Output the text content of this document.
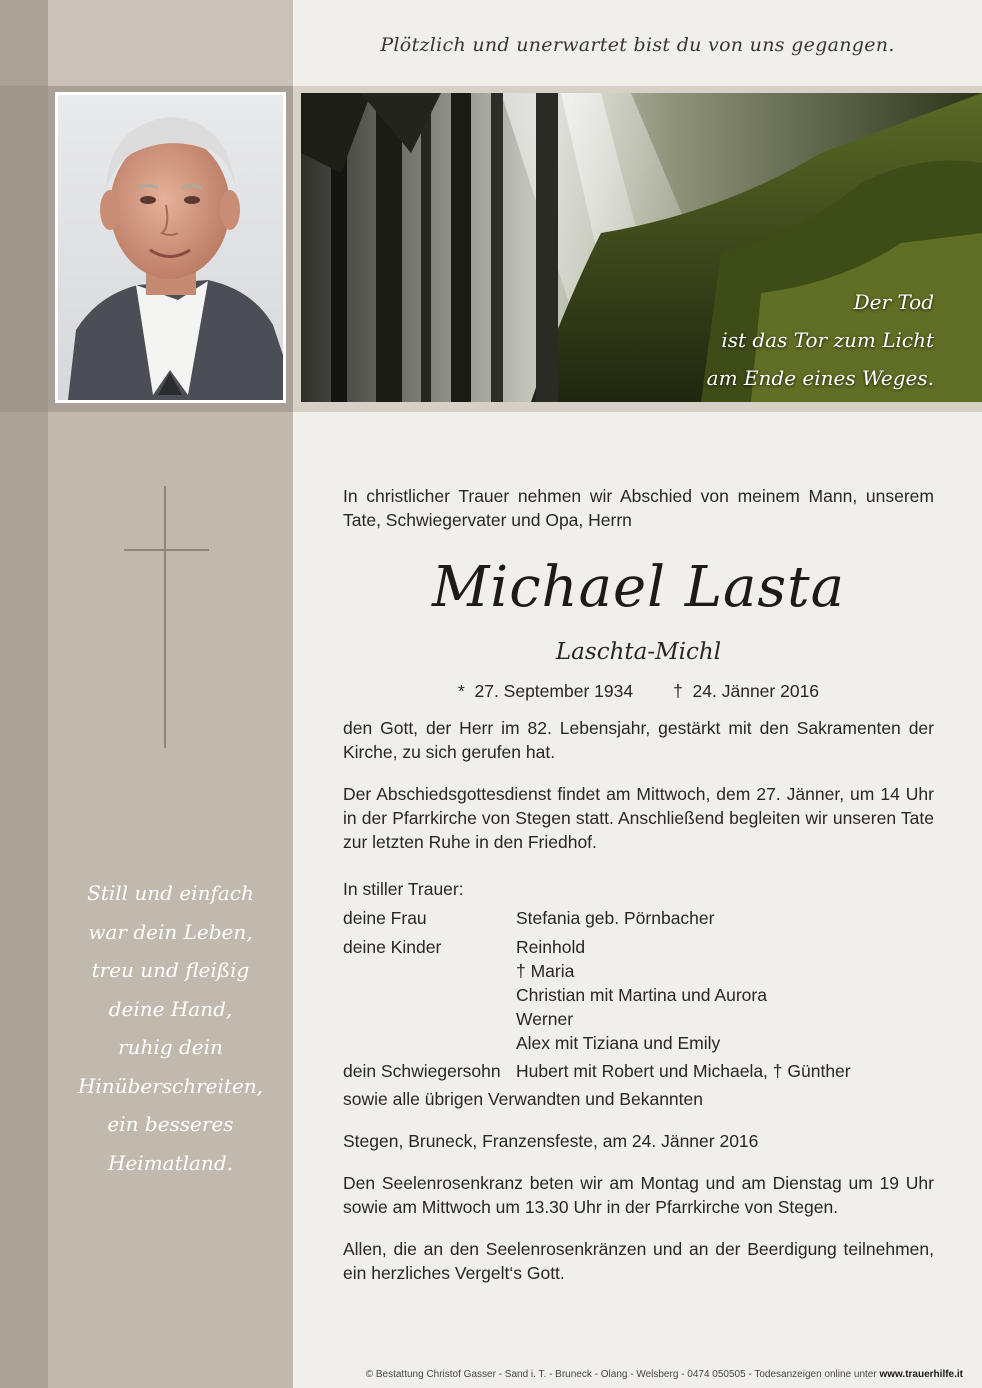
Plötzlich und unerwartet bist du von uns gegangen.
Der Tod
ist das Tor zum Licht
am Ende eines Weges.
Still und einfach
war dein Leben,
treu und fleißig
deine Hand,
ruhig dein
Hinüberschreiten,
ein besseres
Heimatland.
In christlicher Trauer nehmen wir Abschied von meinem Mann, unserem Tate, Schwiegervater und Opa, Herrn
Michael Lasta
Laschta-Michl
* 27. September 1934 † 24. Jänner 2016
den Gott, der Herr im 82. Lebensjahr, gestärkt mit den Sakramenten der Kirche, zu sich gerufen hat.
Der Abschiedsgottesdienst findet am Mittwoch, dem 27. Jänner, um 14 Uhr in der Pfarrkirche von Stegen statt. Anschließend begleiten wir unseren Tate zur letzten Ruhe in den Friedhof.
In stiller Trauer:
deine Frau	Stefania geb. Pörnbacher
deine Kinder	Reinhold
† Maria
Christian mit Martina und Aurora
Werner
Alex mit Tiziana und Emily
dein Schwiegersohn Hubert mit Robert und Michaela, † Günther
sowie alle übrigen Verwandten und Bekannten
Stegen, Bruneck, Franzensfeste, am 24. Jänner 2016
Den Seelenrosenkranz beten wir am Montag und am Dienstag um 19 Uhr sowie am Mittwoch um 13.30 Uhr in der Pfarrkirche von Stegen.
Allen, die an den Seelenrosenkränzen und an der Beerdigung teilnehmen, ein herzliches Vergelt‘s Gott.
© Bestattung Christof Gasser - Sand i. T. - Bruneck - Olang - Welsberg - 0474 050505 - Todesanzeigen online unter www.trauerhilfe.it
